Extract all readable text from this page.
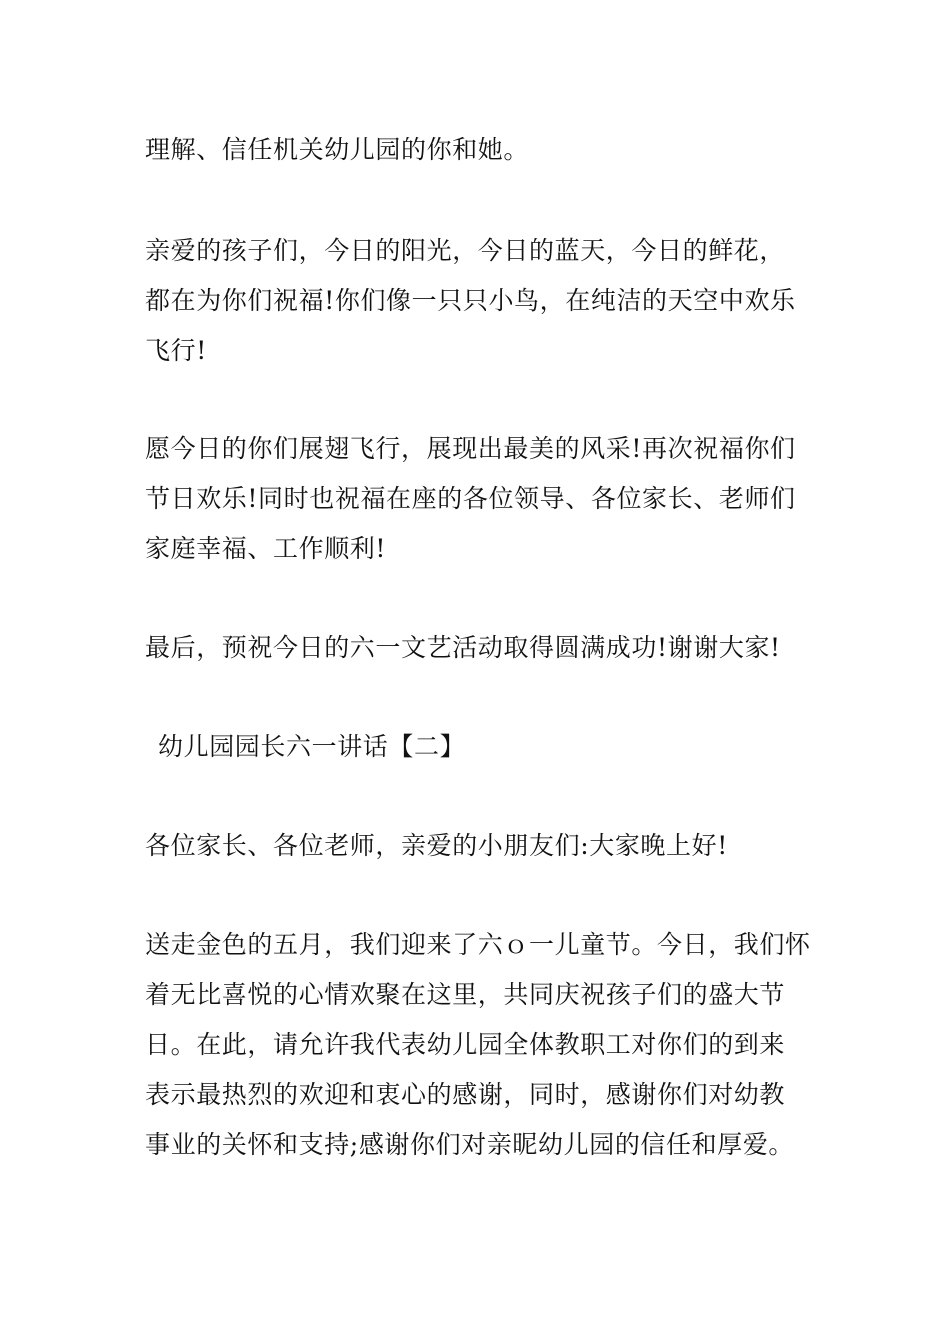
理解、信任机关幼儿园的你和她。
亲爱的孩子们，今日的阳光，今日的蓝天，今日的鲜花，
都在为你们祝福!你们像一只只小鸟，在纯洁的天空中欢乐
飞行!
愿今日的你们展翅飞行，展现出最美的风采!再次祝福你们
节日欢乐!同时也祝福在座的各位领导、各位家长、老师们
家庭幸福、工作顺利!
最后，预祝今日的六一文艺活动取得圆满成功!谢谢大家!
幼儿园园长六一讲话【二】
各位家长、各位老师，亲爱的小朋友们:大家晚上好!
送走金色的五月，我们迎来了六ｏ一儿童节。今日，我们怀
着无比喜悦的心情欢聚在这里，共同庆祝孩子们的盛大节
日。在此，请允许我代表幼儿园全体教职工对你们的到来
表示最热烈的欢迎和衷心的感谢，同时，感谢你们对幼教
事业的关怀和支持;感谢你们对亲昵幼儿园的信任和厚爱。
